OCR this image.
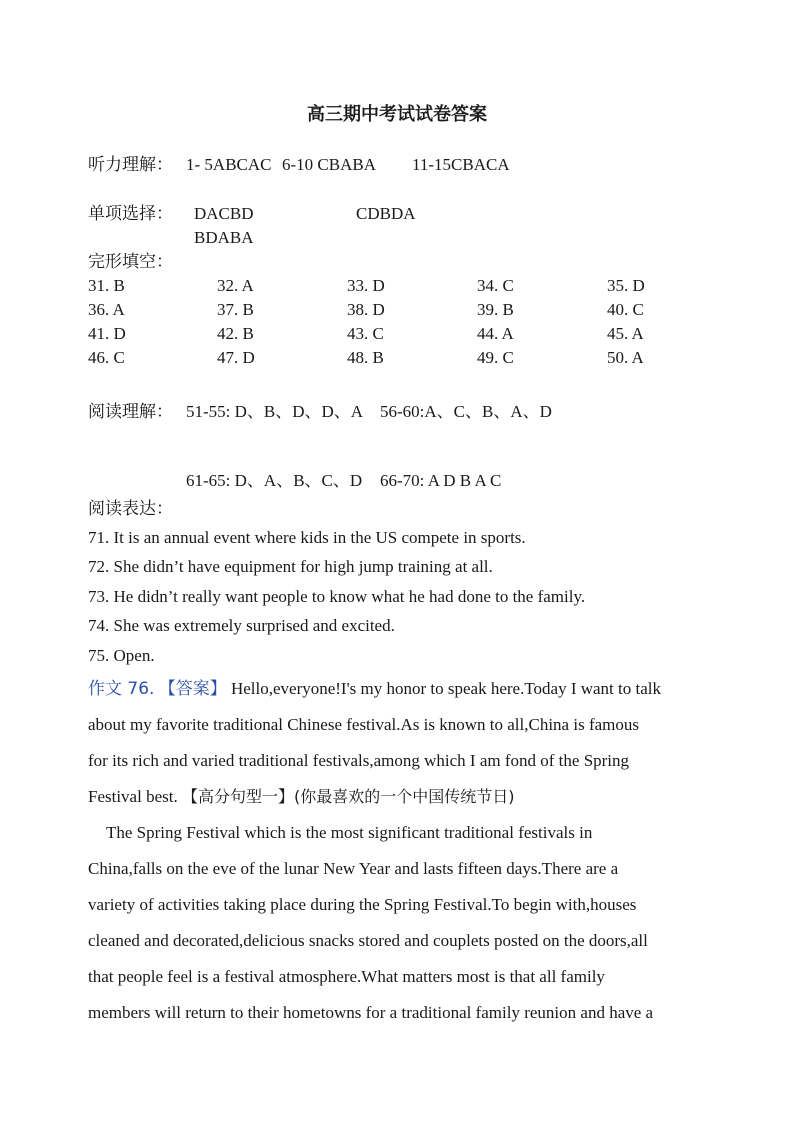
高三期中考试试卷答案
听力理解： 1- 5ABCAC 6-10 CBABA 11-15CBACA
单项选择： DACBD	CDBDA
BDABA
完形填空：
31. B	32. A	33. D	34. C	35. D
36. A	37. B	38. D	39. B	40. C
41. D	42. B	43. C	44. A	45. A
46. C	47. D	48. B	49. C	50. A
阅读理解： 51-55: D、B、D、D、A 56-60:A、C、B、A、D
61-65: D、A、B、C、D 66-70: A D B A C
阅读表达：
71. It is an annual event where kids in the US compete in sports.
72. She didn’t have equipment for high jump training at all.
73. He didn’t really want people to know what he had done to the family.
74. She was extremely surprised and excited.
75. Open.
作文 76. 【答案】 Hello,everyone!I's my honor to speak here.Today I want to talk
about my favorite traditional Chinese festival.As is known to all,China is famous
for its rich and varied traditional festivals,among which I am fond of the Spring
Festival best. 【高分句型一】(你最喜欢的一个中国传统节日)
The Spring Festival which is the most significant traditional festivals in
China,falls on the eve of the lunar New Year and lasts fifteen days.There are a
variety of activities taking place during the Spring Festival.To begin with,houses
cleaned and decorated,delicious snacks stored and couplets posted on the doors,all
that people feel is a festival atmosphere.What matters most is that all family
members will return to their hometowns for a traditional family reunion and have a
